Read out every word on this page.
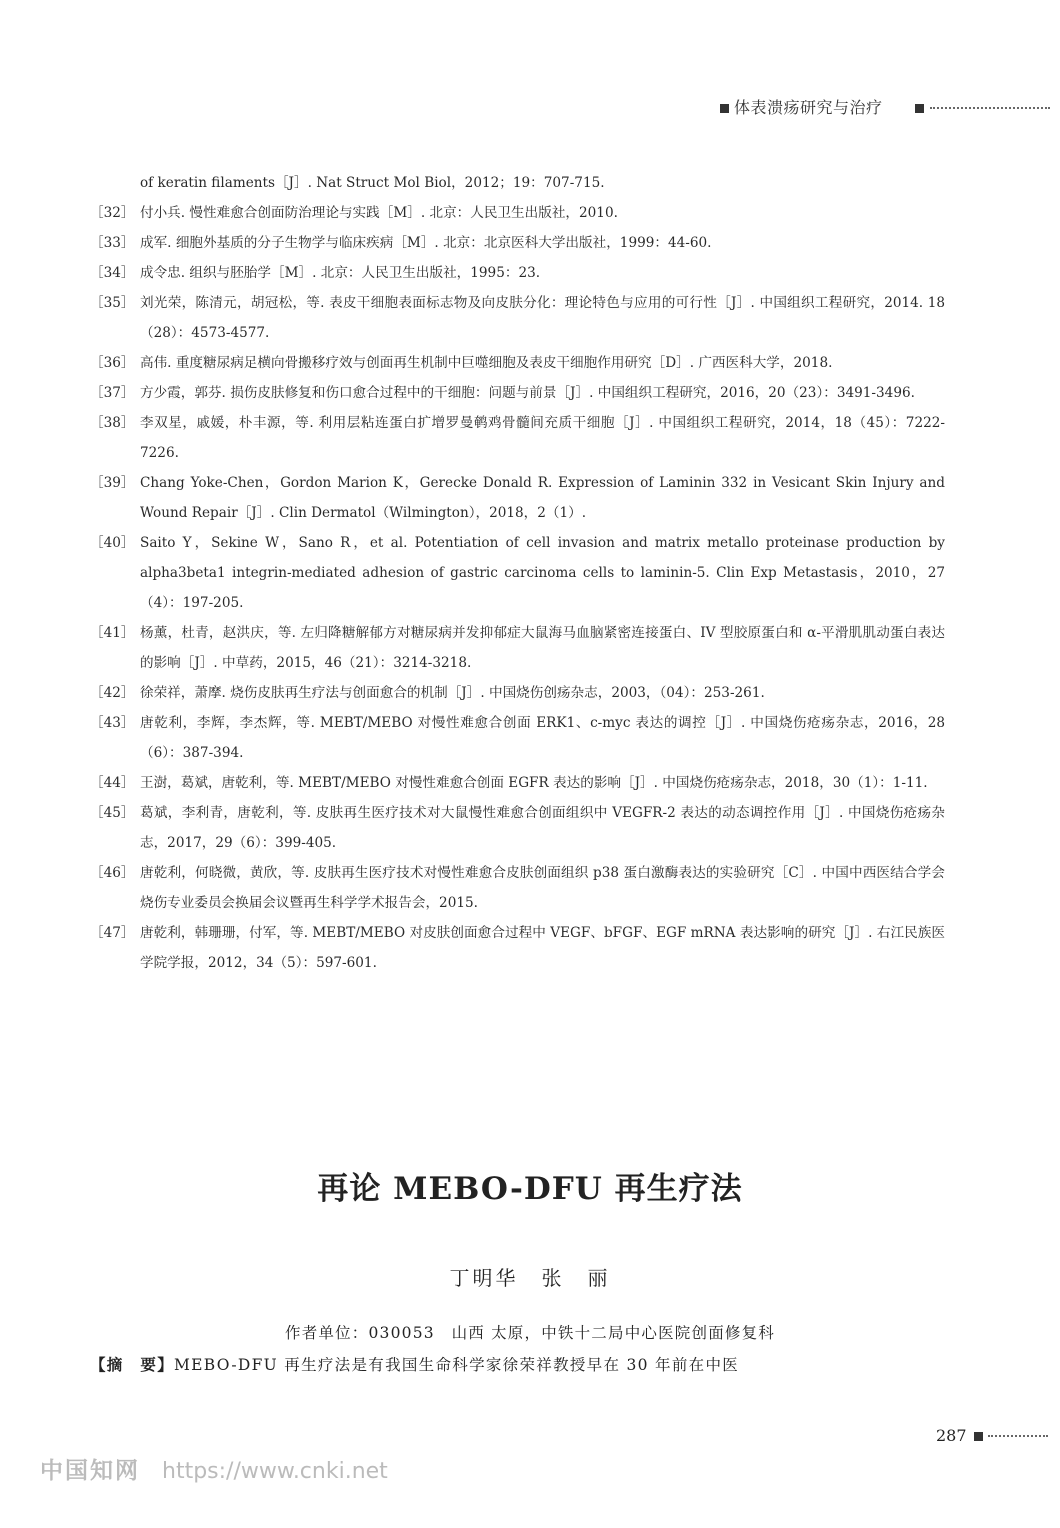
体表溃疡研究与治疗
of keratin filaments［J］. Nat Struct Mol Biol，2012；19：707-715.
［32］ 付小兵. 慢性难愈合创面防治理论与实践［M］. 北京：人民卫生出版社，2010.
［33］ 成军. 细胞外基质的分子生物学与临床疾病［M］. 北京：北京医科大学出版社，1999：44-60.
［34］ 成令忠. 组织与胚胎学［M］. 北京：人民卫生出版社，1995：23.
［35］ 刘光荣，陈清元，胡冠松，等. 表皮干细胞表面标志物及向皮肤分化：理论特色与应用的可行性［J］. 中国组织工程研究，2014. 18（28）：4573-4577.
［36］ 高伟. 重度糖尿病足横向骨搬移疗效与创面再生机制中巨噬细胞及表皮干细胞作用研究［D］. 广西医科大学，2018.
［37］ 方少霞，郭芬. 损伤皮肤修复和伤口愈合过程中的干细胞：问题与前景［J］. 中国组织工程研究，2016，20（23）：3491-3496.
［38］ 李双星，戚媛，朴丰源，等. 利用层粘连蛋白扩增罗曼鹌鸡骨髓间充质干细胞［J］. 中国组织工程研究，2014，18（45）：7222-7226.
［39］ Chang Yoke-Chen，Gordon Marion K，Gerecke Donald R. Expression of Laminin 332 in Vesicant Skin Injury and Wound Repair［J］. Clin Dermatol（Wilmington），2018，2（1）.
［40］ Saito Y，Sekine W，Sano R，et al. Potentiation of cell invasion and matrix metallo proteinase production by alpha3beta1 integrin-mediated adhesion of gastric carcinoma cells to laminin-5. Clin Exp Metastasis，2010，27（4）：197-205.
［41］ 杨薰，杜青，赵洪庆，等. 左归降糖解郁方对糖尿病并发抑郁症大鼠海马血脑紧密连接蛋白、IV 型胶原蛋白和 α-平滑肌肌动蛋白表达的影响［J］. 中草药，2015，46（21）：3214-3218.
［42］ 徐荣祥，萧摩. 烧伤皮肤再生疗法与创面愈合的机制［J］. 中国烧伤创疡杂志，2003，（04）：253-261.
［43］ 唐乾利，李辉，李杰辉，等. MEBT/MEBO 对慢性难愈合创面 ERK1、c-myc 表达的调控［J］. 中国烧伤疮疡杂志，2016，28（6）：387-394.
［44］ 王澍，葛斌，唐乾利，等. MEBT/MEBO 对慢性难愈合创面 EGFR 表达的影响［J］. 中国烧伤疮疡杂志，2018，30（1）：1-11.
［45］ 葛斌，李利青，唐乾利，等. 皮肤再生医疗技术对大鼠慢性难愈合创面组织中 VEGFR-2 表达的动态调控作用［J］. 中国烧伤疮疡杂志，2017，29（6）：399-405.
［46］ 唐乾利，何晓微，黄欣，等. 皮肤再生医疗技术对慢性难愈合皮肤创面组织 p38 蛋白激酶表达的实验研究［C］. 中国中西医结合学会烧伤专业委员会换届会议暨再生科学学术报告会，2015.
［47］ 唐乾利，韩珊珊，付军，等. MEBT/MEBO 对皮肤创面愈合过程中 VEGF、bFGF、EGF mRNA 表达影响的研究［J］. 右江民族医学院学报，2012，34（5）：597-601.
再论 MEBO-DFU 再生疗法
丁明华　张　丽
作者单位：030053　山西 太原，中铁十二局中心医院创面修复科
【摘　要】MEBO-DFU 再生疗法是有我国生命科学家徐荣祥教授早在 30 年前在中医
287
中国知网 https://www.cnki.net
